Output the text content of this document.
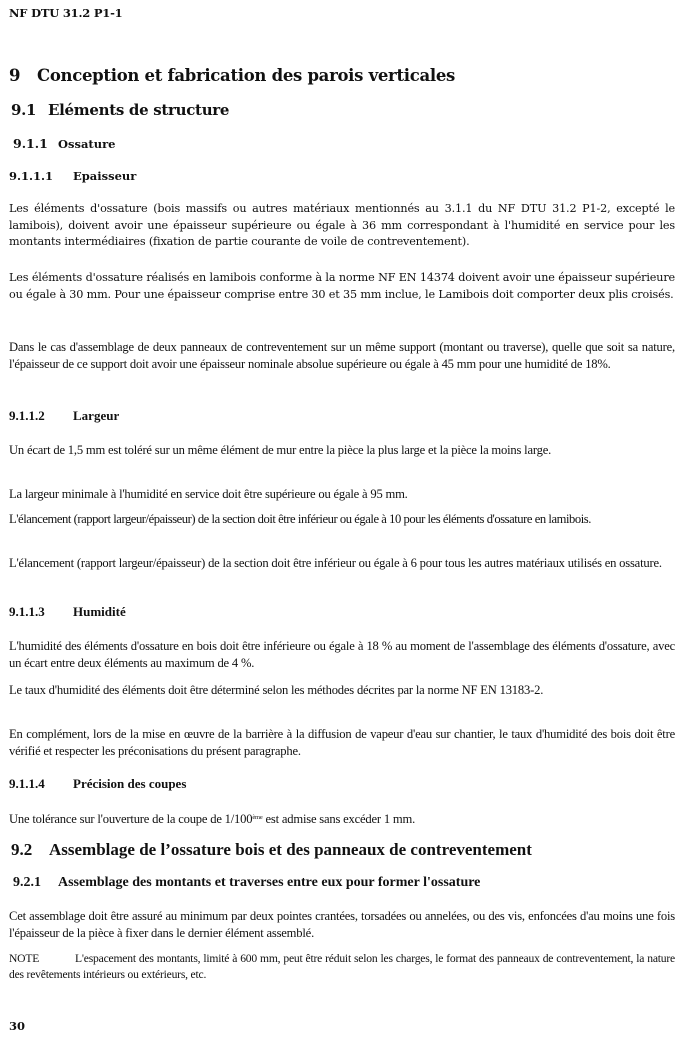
NF DTU 31.2 P1-1
9 Conception et fabrication des parois verticales
9.1 Eléments de structure
9.1.1 Ossature
9.1.1.1 Epaisseur

Les éléments d'ossature (bois massifs ou autres matériaux mentionnés au 3.1.1 du NF DTU 31.2 P1-2, excepté le lamibois), doivent avoir une épaisseur supérieure ou égale à 36 mm correspondant à l'humidité en service pour les montants intermédiaires (fixation de partie courante de voile de contreventement).

Les éléments d'ossature réalisés en lamibois conforme à la norme NF EN 14374 doivent avoir une épaisseur supérieure ou égale à 30 mm. Pour une épaisseur comprise entre 30 et 35 mm inclue, le Lamibois doit comporter deux plis croisés.

Dans le cas d'assemblage de deux panneaux de contreventement sur un même support (montant ou traverse), quelle que soit sa nature, l'épaisseur de ce support doit avoir une épaisseur nominale absolue supérieure ou égale à 45 mm pour une humidité de 18%.

9.1.1.2 Largeur

Un écart de 1,5 mm est toléré sur un même élément de mur entre la pièce la plus large et la pièce la moins large.

La largeur minimale à l'humidité en service doit être supérieure ou égale à 95 mm.

L'élancement (rapport largeur/épaisseur) de la section doit être inférieur ou égale à 10 pour les éléments d'ossature en lamibois.

L'élancement (rapport largeur/épaisseur) de la section doit être inférieur ou égale à 6 pour tous les autres matériaux utilisés en ossature.

9.1.1.3 Humidité

L'humidité des éléments d'ossature en bois doit être inférieure ou égale à 18 % au moment de l'assemblage des éléments d'ossature, avec un écart entre deux éléments au maximum de 4 %.

Le taux d'humidité des éléments doit être déterminé selon les méthodes décrites par la norme NF EN 13183-2.

En complément, lors de la mise en œuvre de la barrière à la diffusion de vapeur d'eau sur chantier, le taux d'humidité des bois doit être vérifié et respecter les préconisations du présent paragraphe.

9.1.1.4 Précision des coupes

Une tolérance sur l'ouverture de la coupe de 1/100ème est admise sans excéder 1 mm.

9.2 Assemblage de l’ossature bois et des panneaux de contreventement
9.2.1 Assemblage des montants et traverses entre eux pour former l'ossature

Cet assemblage doit être assuré au minimum par deux pointes crantées, torsadées ou annelées, ou des vis, enfoncées d'au moins une fois l'épaisseur de la pièce à fixer dans le dernier élément assemblé.

NOTE	L'espacement des montants, limité à 600 mm, peut être réduit selon les charges, le format des panneaux de contreventement, la nature des revêtements intérieurs ou extérieurs, etc.
30
